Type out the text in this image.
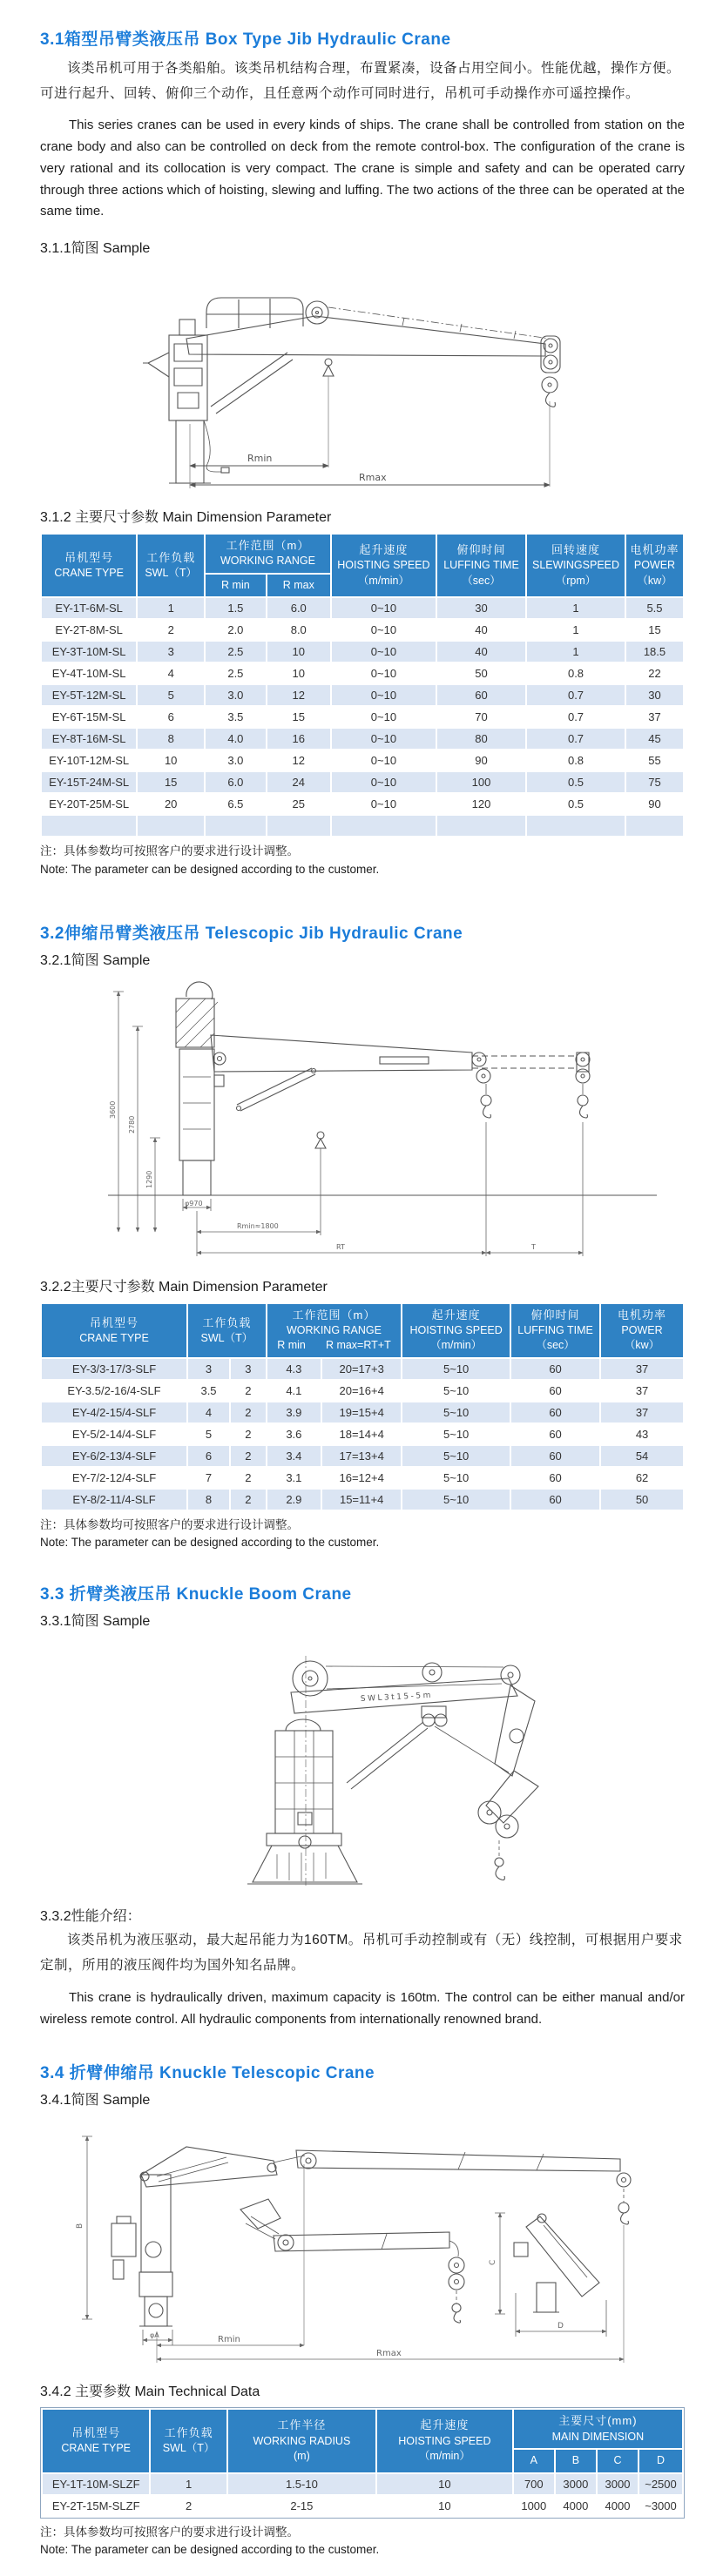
3.1箱型吊臂类液压吊 Box Type Jib Hydraulic Crane

该类吊机可用于各类船舶。该类吊机结构合理，布置紧凑，设备占用空间小。性能优越，操作方便。可进行起升、回转、俯仰三个动作，且任意两个动作可同时进行，吊机可手动操作亦可遥控操作。

This series cranes can be used in every kinds of ships. The crane shall be controlled from station on the crane body and also can be controlled on deck from the remote control-box. The configuration of the crane is very rational and its collocation is very compact. The crane is simple and safety and can be operated carry through three actions which of hoisting, slewing and luffing. The two actions of the three can be operated at the same time.

3.1.1简图 Sample
Rmin
Rmax
3.1.2 主要尺寸参数 Main Dimension Parameter
吊机型号
CRANE TYPE

工作负载
SWL（T）

工作范围（m）
WORKING RANGE

起升速度
HOISTING SPEED
（m/min）

俯仰时间
LUFFING TIME
（sec）

回转速度
SLEWINGSPEED
（rpm）

电机功率
POWER
（kw）

		R min	R max				
EY-1T-6M-SL	1	1.5	6.0	0~10	30	1	5.5
EY-2T-8M-SL	2	2.0	8.0	0~10	40	1	15
EY-3T-10M-SL	3	2.5	10	0~10	40	1	18.5
EY-4T-10M-SL	4	2.5	10	0~10	50	0.8	22
EY-5T-12M-SL	5	3.0	12	0~10	60	0.7	30
EY-6T-15M-SL	6	3.5	15	0~10	70	0.7	37
EY-8T-16M-SL	8	4.0	16	0~10	80	0.7	45
EY-10T-12M-SL	10	3.0	12	0~10	90	0.8	55
EY-15T-24M-SL	15	6.0	24	0~10	100	0.5	75
EY-20T-25M-SL	20	6.5	25	0~10	120	0.5	90

注：具体参数均可按照客户的要求进行设计调整。
Note: The parameter can be designed according to the customer.
3.2伸缩吊臂类液压吊 Telescopic Jib Hydraulic Crane
3.2.1简图 Sample
3600
2780
1290
φ970
Rmin≈1800
RT	T
3.2.2主要尺寸参数 Main Dimension Parameter
吊机型号
CRANE TYPE

工作负载
SWL（T）

工作范围（m）
WORKING RANGE
R min R max=RT+T

起升速度
HOISTING SPEED
（m/min）

俯仰时间
LUFFING TIME
（sec）

电机功率
POWER
（kw）

EY-3/3-17/3-SLF	3	3	4.3	20=17+3	5~10	60	37
EY-3.5/2-16/4-SLF	3.5	2	4.1	20=16+4	5~10	60	37
EY-4/2-15/4-SLF	4	2	3.9	19=15+4	5~10	60	37
EY-5/2-14/4-SLF	5	2	3.6	18=14+4	5~10	60	43
EY-6/2-13/4-SLF	6	2	3.4	17=13+4	5~10	60	54
EY-7/2-12/4-SLF	7	2	3.1	16=12+4	5~10	60	62
EY-8/2-11/4-SLF	8	2	2.9	15=11+4	5~10	60	50
注：具体参数均可按照客户的要求进行设计调整。
Note: The parameter can be designed according to the customer.
3.3 折臂类液压吊 Knuckle Boom Crane
3.3.1简图 Sample
SWL3t15-5m
3.3.2性能介绍：

该类吊机为液压驱动，最大起吊能力为160TM。吊机可手动控制或有（无）线控制，可根据用户要求定制，所用的液压阀件均为国外知名品牌。

This crane is hydraulically driven, maximum capacity is 160tm. The control can be either manual and/or wireless remote control. All hydraulic components from internationally renowned brand.

3.4 折臂伸缩吊 Knuckle Telescopic Crane
3.4.1简图 Sample
B
C
D
φA	Rmin
Rmax
3.4.2 主要参数 Main Technical Data
吊机型号
CRANE TYPE

工作负载
SWL（T）

工作半径
WORKING RADIUS
(m)

起升速度
HOISTING SPEED
（m/min）

主要尺寸(mm)
MAIN DIMENSION

				A	B	C	D
EY-1T-10M-SLZF	1	1.5-10	10	700	3000	3000	~2500
EY-2T-15M-SLZF	2	2-15	10	1000	4000	4000	~3000
注：具体参数均可按照客户的要求进行设计调整。
Note: The parameter can be designed according to the customer.
